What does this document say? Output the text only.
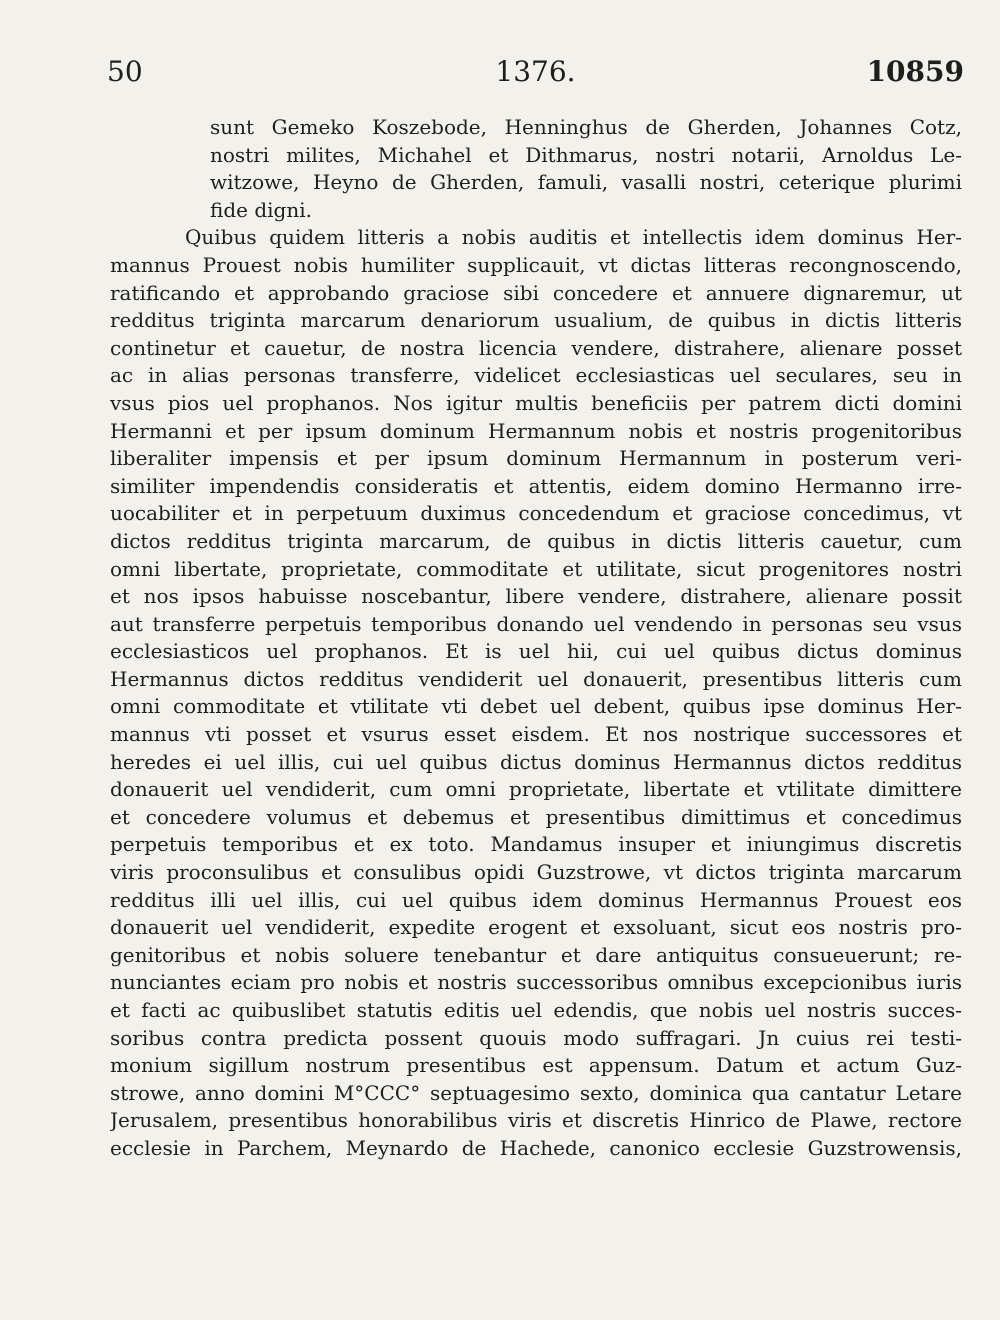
50	1376.	10859
sunt Gemeko Koszebode, Henninghus de Gherden, Johannes Cotz,
nostri milites, Michahel et Dithmarus, nostri notarii, Arnoldus Le-
witzowe, Heyno de Gherden, famuli, vasalli nostri, ceterique plurimi
fide digni.
Quibus quidem litteris a nobis auditis et intellectis idem dominus Her-
mannus Prouest nobis humiliter supplicauit, vt dictas litteras recongnoscendo,
ratificando et approbando graciose sibi concedere et annuere dignaremur, ut
redditus triginta marcarum denariorum usualium, de quibus in dictis litteris
continetur et cauetur, de nostra licencia vendere, distrahere, alienare posset
ac in alias personas transferre, videlicet ecclesiasticas uel seculares, seu in
vsus pios uel prophanos. Nos igitur multis beneficiis per patrem dicti domini
Hermanni et per ipsum dominum Hermannum nobis et nostris progenitoribus
liberaliter impensis et per ipsum dominum Hermannum in posterum veri-
similiter impendendis consideratis et attentis, eidem domino Hermanno irre-
uocabiliter et in perpetuum duximus concedendum et graciose concedimus, vt
dictos redditus triginta marcarum, de quibus in dictis litteris cauetur, cum
omni libertate, proprietate, commoditate et utilitate, sicut progenitores nostri
et nos ipsos habuisse noscebantur, libere vendere, distrahere, alienare possit
aut transferre perpetuis temporibus donando uel vendendo in personas seu vsus
ecclesiasticos uel prophanos. Et is uel hii, cui uel quibus dictus dominus
Hermannus dictos redditus vendiderit uel donauerit, presentibus litteris cum
omni commoditate et vtilitate vti debet uel debent, quibus ipse dominus Her-
mannus vti posset et vsurus esset eisdem. Et nos nostrique successores et
heredes ei uel illis, cui uel quibus dictus dominus Hermannus dictos redditus
donauerit uel vendiderit, cum omni proprietate, libertate et vtilitate dimittere
et concedere volumus et debemus et presentibus dimittimus et concedimus
perpetuis temporibus et ex toto. Mandamus insuper et iniungimus discretis
viris proconsulibus et consulibus opidi Guzstrowe, vt dictos triginta marcarum
redditus illi uel illis, cui uel quibus idem dominus Hermannus Prouest eos
donauerit uel vendiderit, expedite erogent et exsoluant, sicut eos nostris pro-
genitoribus et nobis soluere tenebantur et dare antiquitus consueuerunt; re-
nunciantes eciam pro nobis et nostris successoribus omnibus excepcionibus iuris
et facti ac quibuslibet statutis editis uel edendis, que nobis uel nostris succes-
soribus contra predicta possent quouis modo suffragari. Jn cuius rei testi-
monium sigillum nostrum presentibus est appensum. Datum et actum Guz-
strowe, anno domini M°CCC° septuagesimo sexto, dominica qua cantatur Letare
Jerusalem, presentibus honorabilibus viris et discretis Hinrico de Plawe, rectore
ecclesie in Parchem, Meynardo de Hachede, canonico ecclesie Guzstrowensis,
